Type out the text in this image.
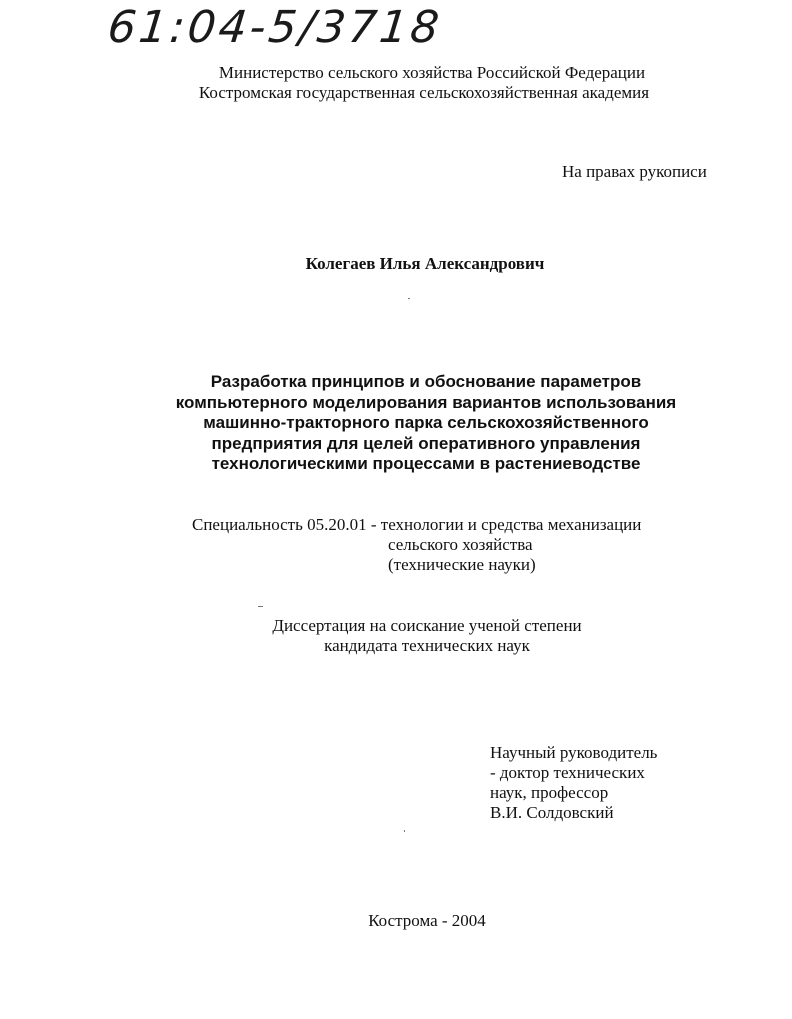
61:04-5/3718
Министерство сельского хозяйства Российской Федерации
Костромская государственная сельскохозяйственная академия
На правах рукописи
Колегаев Илья Александрович
Разработка принципов и обоснование параметров
компьютерного моделирования вариантов использования
машинно-тракторного парка сельскохозяйственного
предприятия для целей оперативного управления
технологическими процессами в растениеводстве
Специальность 05.20.01 - технологии и средства механизации
сельского хозяйства
(технические науки)
Диссертация на соискание ученой степени
кандидата технических наук
Научный руководитель
- доктор технических
наук, профессор
В.И. Солдовский
Кострома - 2004
